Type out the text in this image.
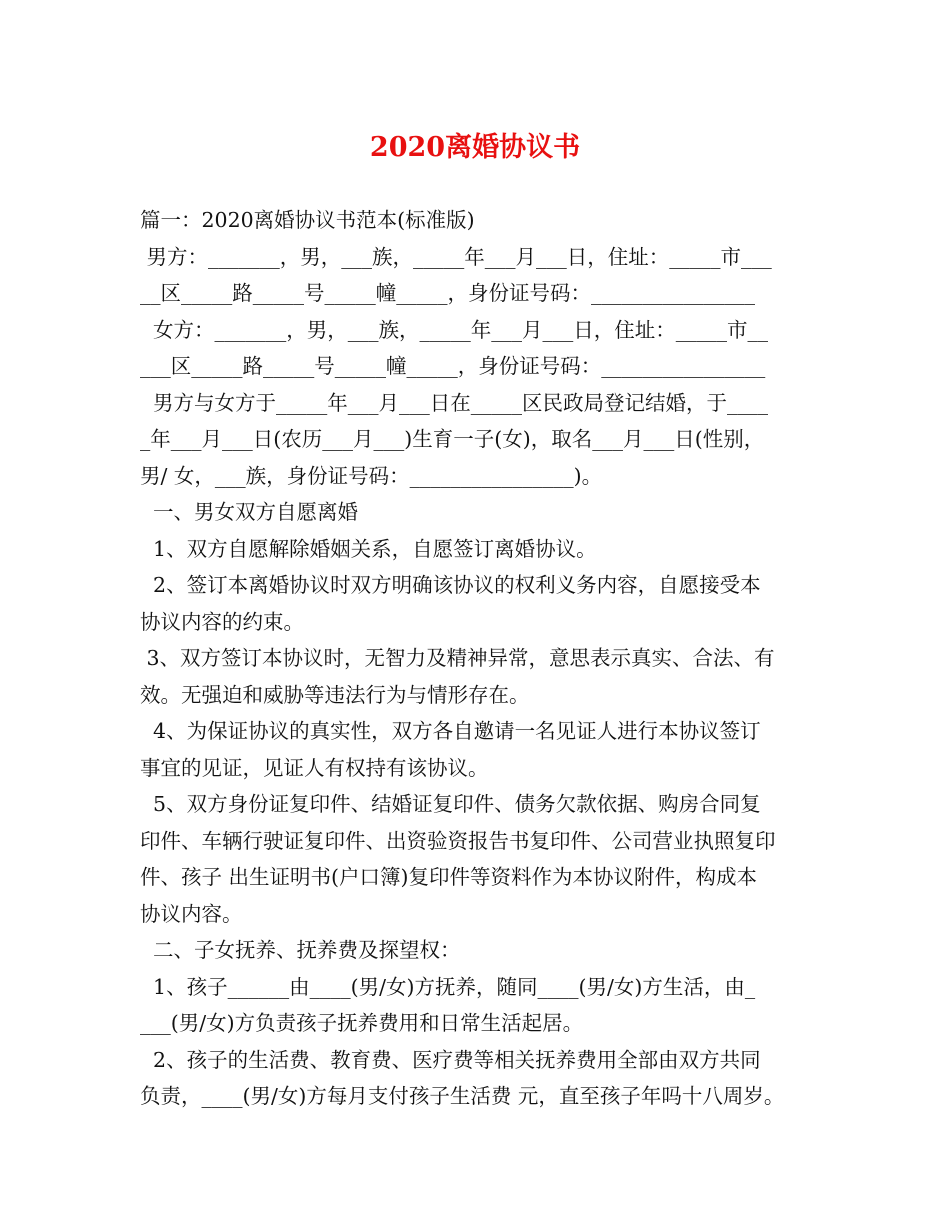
2020离婚协议书
篇一：2020离婚协议书范本(标准版)
男方：_______，男，___族，_____年___月___日，住址：_____市___
__区_____路_____号_____幢_____，身份证号码：________________
女方：_______，男，___族，_____年___月___日，住址：_____市__
___区_____路_____号_____幢_____，身份证号码：________________
男方与女方于_____年___月___日在_____区民政局登记结婚，于____
_年___月___日(农历___月___)生育一子(女)，取名___月___日(性别，
男/ 女，___族，身份证号码：________________)。
一、男女双方自愿离婚
1、双方自愿解除婚姻关系，自愿签订离婚协议。
2、签订本离婚协议时双方明确该协议的权利义务内容，自愿接受本
协议内容的约束。
3、双方签订本协议时，无智力及精神异常，意思表示真实、合法、有
效。无强迫和威胁等违法行为与情形存在。
4、为保证协议的真实性，双方各自邀请一名见证人进行本协议签订
事宜的见证，见证人有权持有该协议。
5、双方身份证复印件、结婚证复印件、债务欠款依据、购房合同复
印件、车辆行驶证复印件、出资验资报告书复印件、公司营业执照复印
件、孩子 出生证明书(户口簿)复印件等资料作为本协议附件，构成本
协议内容。
二、子女抚养、抚养费及探望权：
1、孩子______由____(男/女)方抚养，随同____(男/女)方生活，由_
___(男/女)方负责孩子抚养费用和日常生活起居。
2、孩子的生活费、教育费、医疗费等相关抚养费用全部由双方共同
负责，____(男/女)方每月支付孩子生活费 元，直至孩子年吗十八周岁。
